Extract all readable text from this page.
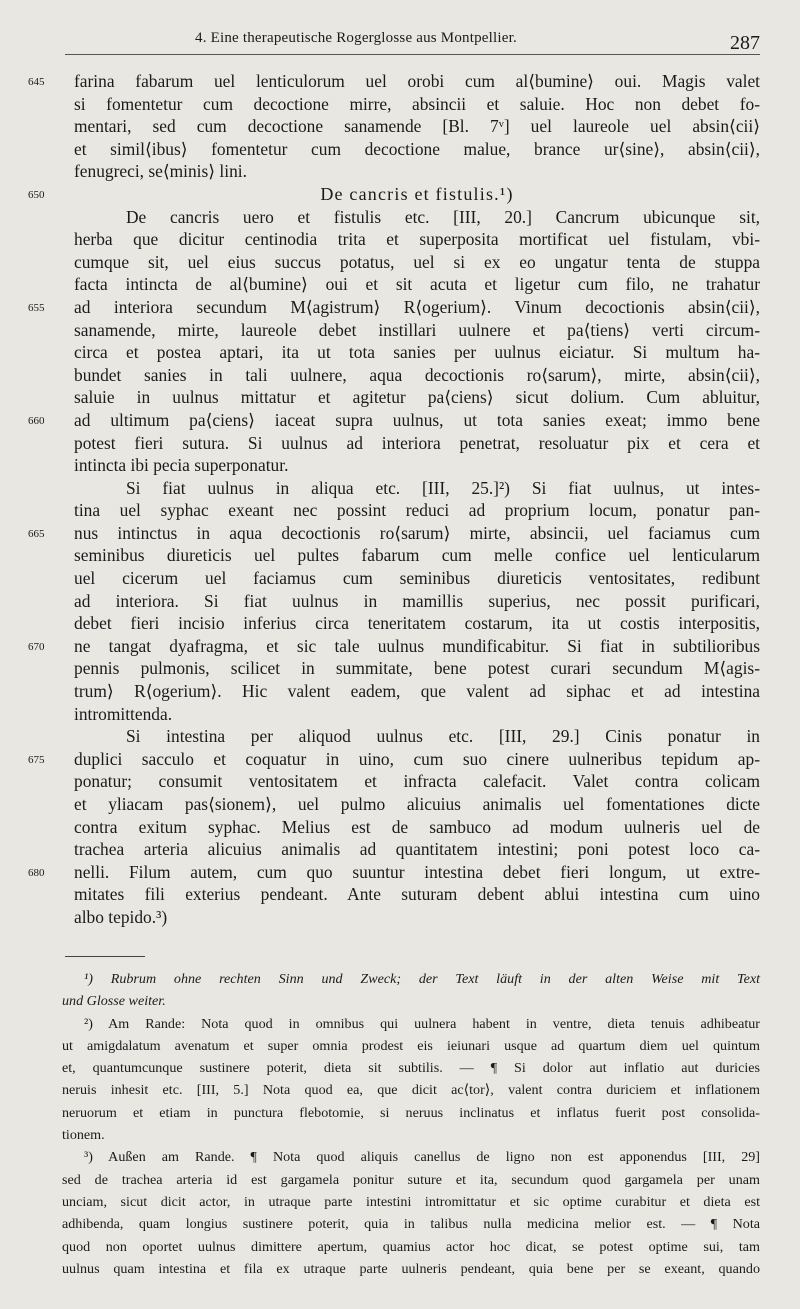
4. Eine therapeutische Rogerglosse aus Montpellier.	287
645	farina fabarum uel lenticulorum uel orobi cum al⟨bumine⟩ oui. Magis valet
si fomentetur cum decoctione mirre, absincii et saluie. Hoc non debet fo-
mentari, sed cum decoctione sanamende [Bl. 7ᵛ] uel laureole uel absin⟨cii⟩
et simil⟨ibus⟩ fomentetur cum decoctione malue, brance ur⟨sine⟩, absin⟨cii⟩,
fenugreci, se⟨minis⟩ lini.
650	De cancris et fistulis.¹)
De cancris uero et fistulis etc. [III, 20.] Cancrum ubicunque sit,
herba que dicitur centinodia trita et superposita mortificat uel fistulam, vbi-
cumque sit, uel eius succus potatus, uel si ex eo ungatur tenta de stuppa
facta intincta de al⟨bumine⟩ oui et sit acuta et ligetur cum filo, ne trahatur
655	ad interiora secundum M⟨agistrum⟩ R⟨ogerium⟩. Vinum decoctionis absin⟨cii⟩,
sanamende, mirte, laureole debet instillari uulnere et pa⟨tiens⟩ verti circum-
circa et postea aptari, ita ut tota sanies per uulnus eiciatur. Si multum ha-
bundet sanies in tali uulnere, aqua decoctionis ro⟨sarum⟩, mirte, absin⟨cii⟩,
saluie in uulnus mittatur et agitetur pa⟨ciens⟩ sicut dolium. Cum abluitur,
660	ad ultimum pa⟨ciens⟩ iaceat supra uulnus, ut tota sanies exeat; immo bene
potest fieri sutura. Si uulnus ad interiora penetrat, resoluatur pix et cera et
intincta ibi pecia superponatur.
Si fiat uulnus in aliqua etc. [III, 25.]²) Si fiat uulnus, ut intes-
tina uel syphac exeant nec possint reduci ad proprium locum, ponatur pan-
665	nus intinctus in aqua decoctionis ro⟨sarum⟩ mirte, absincii, uel faciamus cum
seminibus diureticis uel pultes fabarum cum melle confice uel lenticularum
uel cicerum uel faciamus cum seminibus diureticis ventositates, redibunt
ad interiora. Si fiat uulnus in mamillis superius, nec possit purificari,
debet fieri incisio inferius circa teneritatem costarum, ita ut costis interpositis,
670	ne tangat dyafragma, et sic tale uulnus mundificabitur. Si fiat in subtilioribus
pennis pulmonis, scilicet in summitate, bene potest curari secundum M⟨agis-
trum⟩ R⟨ogerium⟩. Hic valent eadem, que valent ad siphac et ad intestina
intromittenda.
Si intestina per aliquod uulnus etc. [III, 29.] Cinis ponatur in
675	duplici sacculo et coquatur in uino, cum suo cinere uulneribus tepidum ap-
ponatur; consumit ventositatem et infracta calefacit. Valet contra colicam
et yliacam pas⟨sionem⟩, uel pulmo alicuius animalis uel fomentationes dicte
contra exitum syphac. Melius est de sambuco ad modum uulneris uel de
trachea arteria alicuius animalis ad quantitatem intestini; poni potest loco ca-
680	nelli. Filum autem, cum quo suuntur intestina debet fieri longum, ut extre-
mitates fili exterius pendeant. Ante suturam debent ablui intestina cum uino
albo tepido.³)
¹) Rubrum ohne rechten Sinn und Zweck; der Text läuft in der alten Weise mit Text
und Glosse weiter.
²) Am Rande: Nota quod in omnibus qui uulnera habent in ventre, dieta tenuis adhibeatur
ut amigdalatum avenatum et super omnia prodest eis ieiunari usque ad quartum diem uel quintum
et, quantumcunque sustinere poterit, dieta sit subtilis. — ¶ Si dolor aut inflatio aut duricies
neruis inhesit etc. [III, 5.] Nota quod ea, que dicit ac⟨tor⟩, valent contra duriciem et inflationem
neruorum et etiam in punctura flebotomie, si neruus inclinatus et inflatus fuerit post consolida-
tionem.
³) Außen am Rande. ¶ Nota quod aliquis canellus de ligno non est apponendus [III, 29]
sed de trachea arteria id est gargamela ponitur suture et ita, secundum quod gargamela per unam
unciam, sicut dicit actor, in utraque parte intestini intromittatur et sic optime curabitur et dieta est
adhibenda, quam longius sustinere poterit, quia in talibus nulla medicina melior est. — ¶ Nota
quod non oportet uulnus dimittere apertum, quamius actor hoc dicat, se potest optime sui, tam
uulnus quam intestina et fila ex utraque parte uulneris pendeant, quia bene per se exeant, quando
